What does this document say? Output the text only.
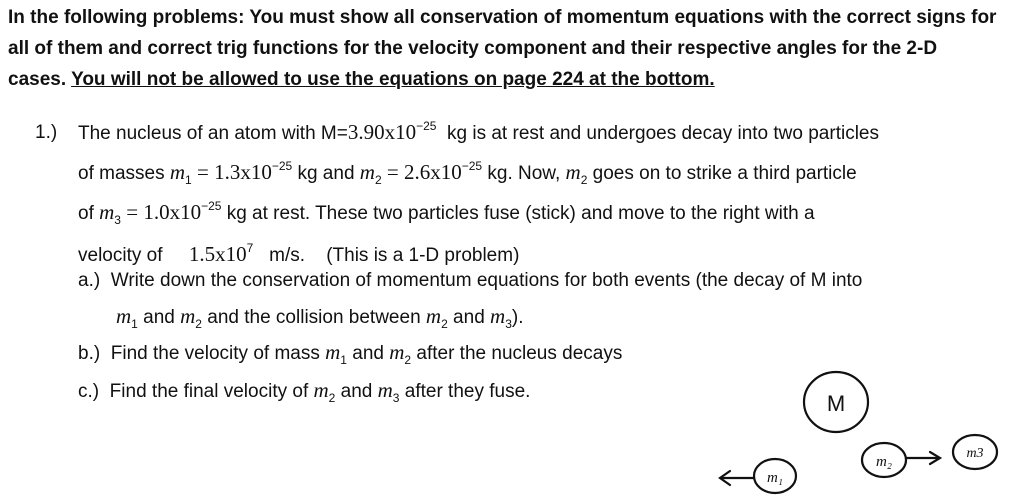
In the following problems: You must show all conservation of momentum equations with the correct signs for all of them and correct trig functions for the velocity component and their respective angles for the 2-D cases. You will not be allowed to use the equations on page 224 at the bottom.
1.) The nucleus of an atom with $M=3.90x10^{-25}$ kg is at rest and undergoes decay into two particles
of masses $m_1 = 1.3x10^{-25}$ kg and $m_2 = 2.6x10^{-25}$ kg. Now, $m_2$ goes on to strike a third particle
of $m_3 = 1.0x10^{-25}$ kg at rest. These two particles fuse (stick) and move to the right with a
velocity of $1.5x10^7$ m/s. (This is a 1-D problem)
a.) Write down the conservation of momentum equations for both events (the decay of M into
$m_1$ and $m_2$ and the collision between $m_2$ and $m_3$).
b.) Find the velocity of mass $m_1$ and $m_2$ after the nucleus decays
c.) Find the final velocity of $m_2$ and $m_3$ after they fuse.	M
m₁
m₂
m3
